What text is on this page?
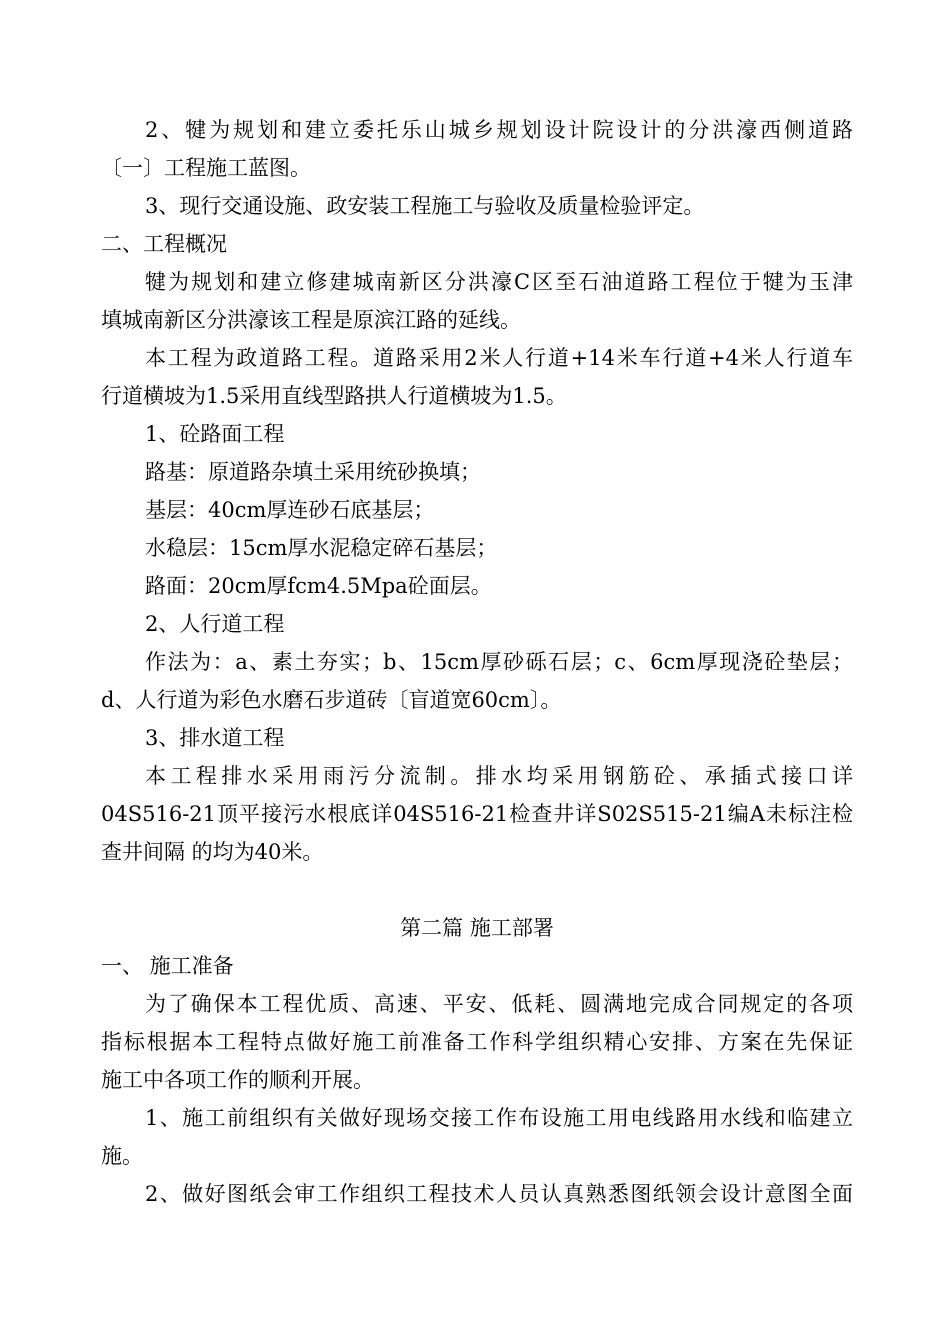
2、犍为规划和建立委托乐山城乡规划设计院设计的分洪濠西侧道路
〔一〕工程施工蓝图。
3、现行交通设施、政安装工程施工与验收及质量检验评定。
二、工程概况
犍为规划和建立修建城南新区分洪濠C区至石油道路工程位于犍为玉津
填城南新区分洪濠该工程是原滨江路的延线。
本工程为政道路工程。道路采用2米人行道+14米车行道+4米人行道车
行道横坡为1.5采用直线型路拱人行道横坡为1.5。
1、砼路面工程
路基：原道路杂填土采用统砂换填；
基层：40cm厚连砂石底基层；
水稳层：15cm厚水泥稳定碎石基层；
路面：20cm厚fcm4.5Mpa砼面层。
2、人行道工程
作法为：a、素土夯实；b、15cm厚砂砾石层；c、6cm厚现浇砼垫层；
d、人行道为彩色水磨石步道砖〔盲道宽60cm〕。
3、排水道工程
本工程排水采用雨污分流制。排水均采用钢筋砼、承插式接口详
04S516-21顶平接污水根底详04S516-21检查井详S02S515-21编A未标注检
查井间隔 的均为40米。
第二篇 施工部署
一、 施工准备
为了确保本工程优质、高速、平安、低耗、圆满地完成合同规定的各项
指标根据本工程特点做好施工前准备工作科学组织精心安排、方案在先保证
施工中各项工作的顺利开展。
1、施工前组织有关做好现场交接工作布设施工用电线路用水线和临建立
施。
2、做好图纸会审工作组织工程技术人员认真熟悉图纸领会设计意图全面
